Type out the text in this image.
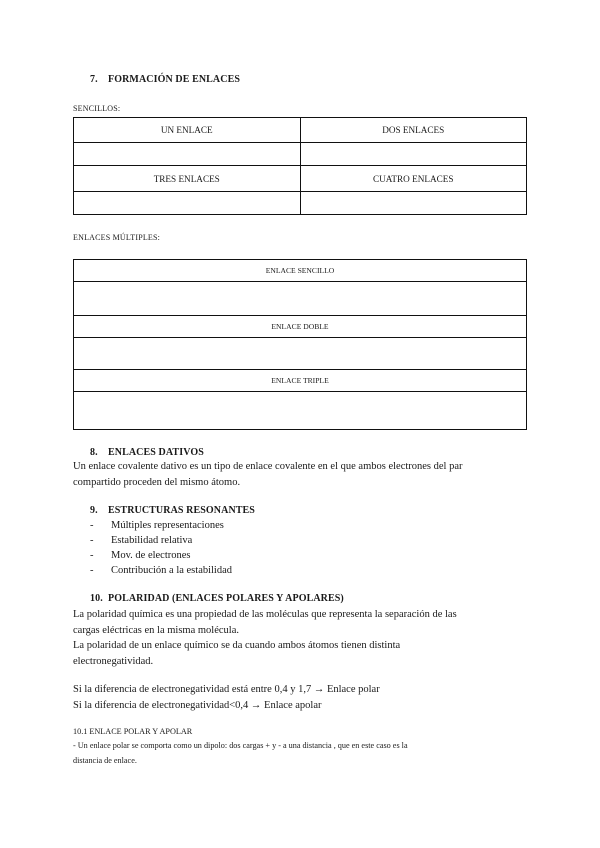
7. FORMACIÓN DE ENLACES
SENCILLOS:
UN ENLACE	DOS ENLACES

TRES ENLACES	CUATRO ENLACES

ENLACES MÚLTIPLES:
ENLACE SENCILLO

ENLACE DOBLE

ENLACE TRIPLE

8. ENLACES DATIVOS
Un enlace covalente dativo es un tipo de enlace covalente en el que ambos electrones del par
compartido proceden del mismo átomo.
9. ESTRUCTURAS RESONANTES
- Múltiples representaciones
- Estabilidad relativa
- Mov. de electrones
- Contribución a la estabilidad
10. POLARIDAD (ENLACES POLARES Y APOLARES)
La polaridad química es una propiedad de las moléculas que representa la separación de las
cargas eléctricas en la misma molécula.
La polaridad de un enlace químico se da cuando ambos átomos tienen distinta
electronegatividad.
Si la diferencia de electronegatividad está entre 0,4 y 1,7 → Enlace polar
Si la diferencia de electronegatividad<0,4 → Enlace apolar
10.1 ENLACE POLAR Y APOLAR
- Un enlace polar se comporta como un dipolo: dos cargas + y - a una distancia , que en este caso es la
distancia de enlace.
